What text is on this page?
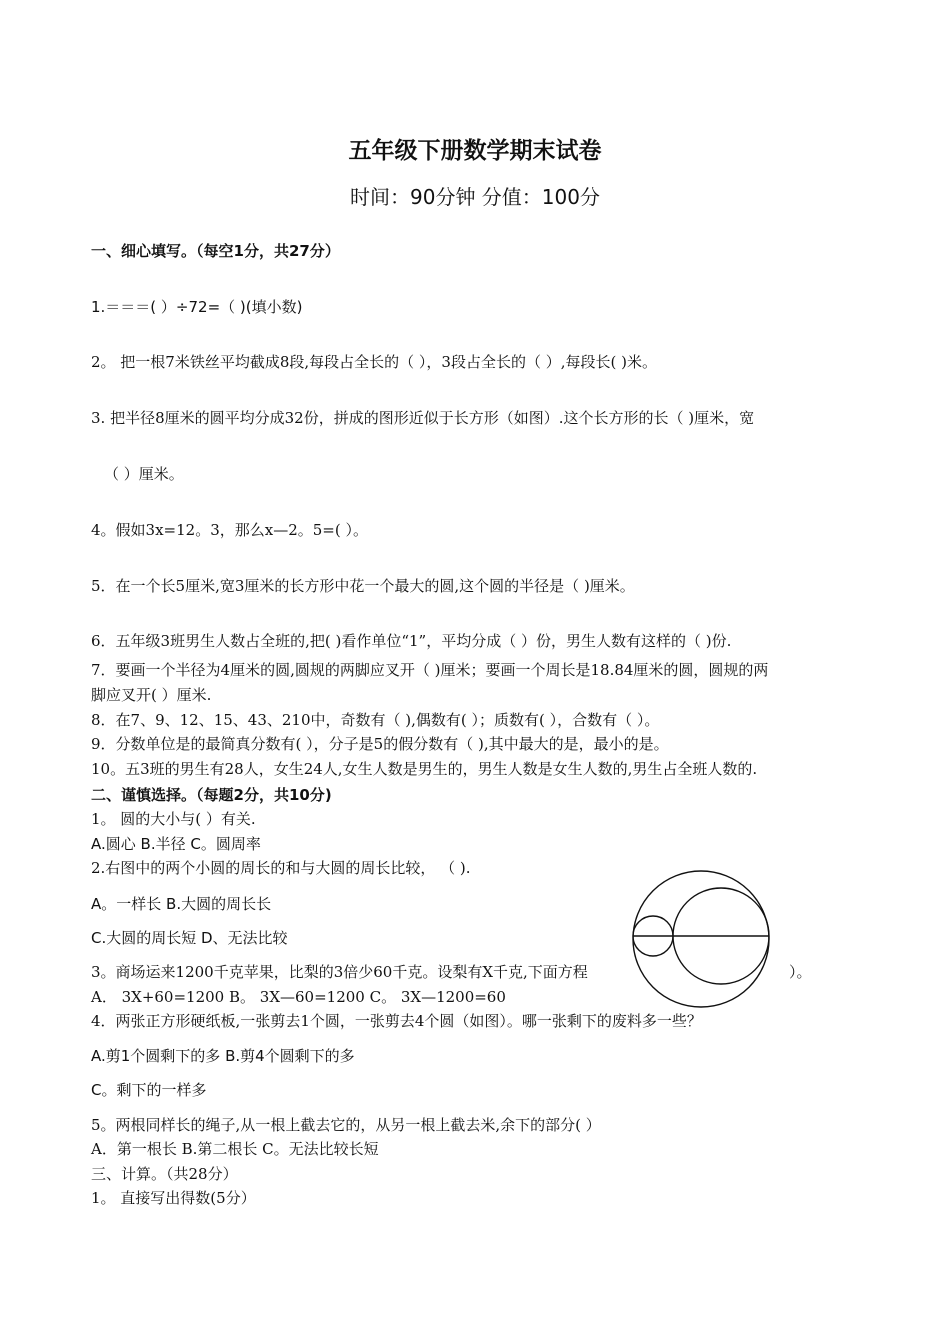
五年级下册数学期末试卷
时间：90分钟 分值：100分
一、细心填写。（每空1分，共27分）
1.＝＝＝( ）÷72=（ )(填小数)
2。 把一根7米铁丝平均截成8段,每段占全长的（ ），3段占全长的（ ）,每段长( )米。
3. 把半径8厘米的圆平均分成32份，拼成的图形近似于长方形（如图）.这个长方形的长（ )厘米，宽
（ ）厘米。
4。假如3x=12。3，那么x—2。5=( ）。
5．在一个长5厘米,宽3厘米的长方形中花一个最大的圆,这个圆的半径是（ )厘米。
6．五年级3班男生人数占全班的,把( )看作单位“1”，平均分成（ ）份，男生人数有这样的（ )份.
7．要画一个半径为4厘米的圆,圆规的两脚应叉开（ )厘米；要画一个周长是18.84厘米的圆，圆规的两
脚应叉开( ）厘米.
8．在7、9、12、15、43、210中，奇数有（ ),偶数有( ）；质数有( ），合数有（ ）。
9．分数单位是的最简真分数有( ），分子是5的假分数有（ ),其中最大的是，最小的是。
10。五3班的男生有28人，女生24人,女生人数是男生的，男生人数是女生人数的,男生占全班人数的.
二、谨慎选择。（每题2分，共10分)
1。 圆的大小与( ）有关.
A.圆心 B.半径 C。圆周率
2.右图中的两个小圆的周长的和与大圆的周长比较， （ ).
A。一样长 B.大圆的周长长
C.大圆的周长短 D、无法比较
3。商场运来1200千克苹果，比梨的3倍少60千克。设梨有X千克,下面方程	）。
A． 3X+60=1200 B。 3X—60=1200 C。 3X—1200=60
4．两张正方形硬纸板,一张剪去1个圆，一张剪去4个圆（如图）。哪一张剩下的废料多一些？
A.剪1个圆剩下的多 B.剪4个圆剩下的多
C。剩下的一样多
5。两根同样长的绳子,从一根上截去它的，从另一根上截去米,余下的部分( ）
A．第一根长 B.第二根长 C。无法比较长短
三、计算。（共28分）
1。 直接写出得数(5分）
